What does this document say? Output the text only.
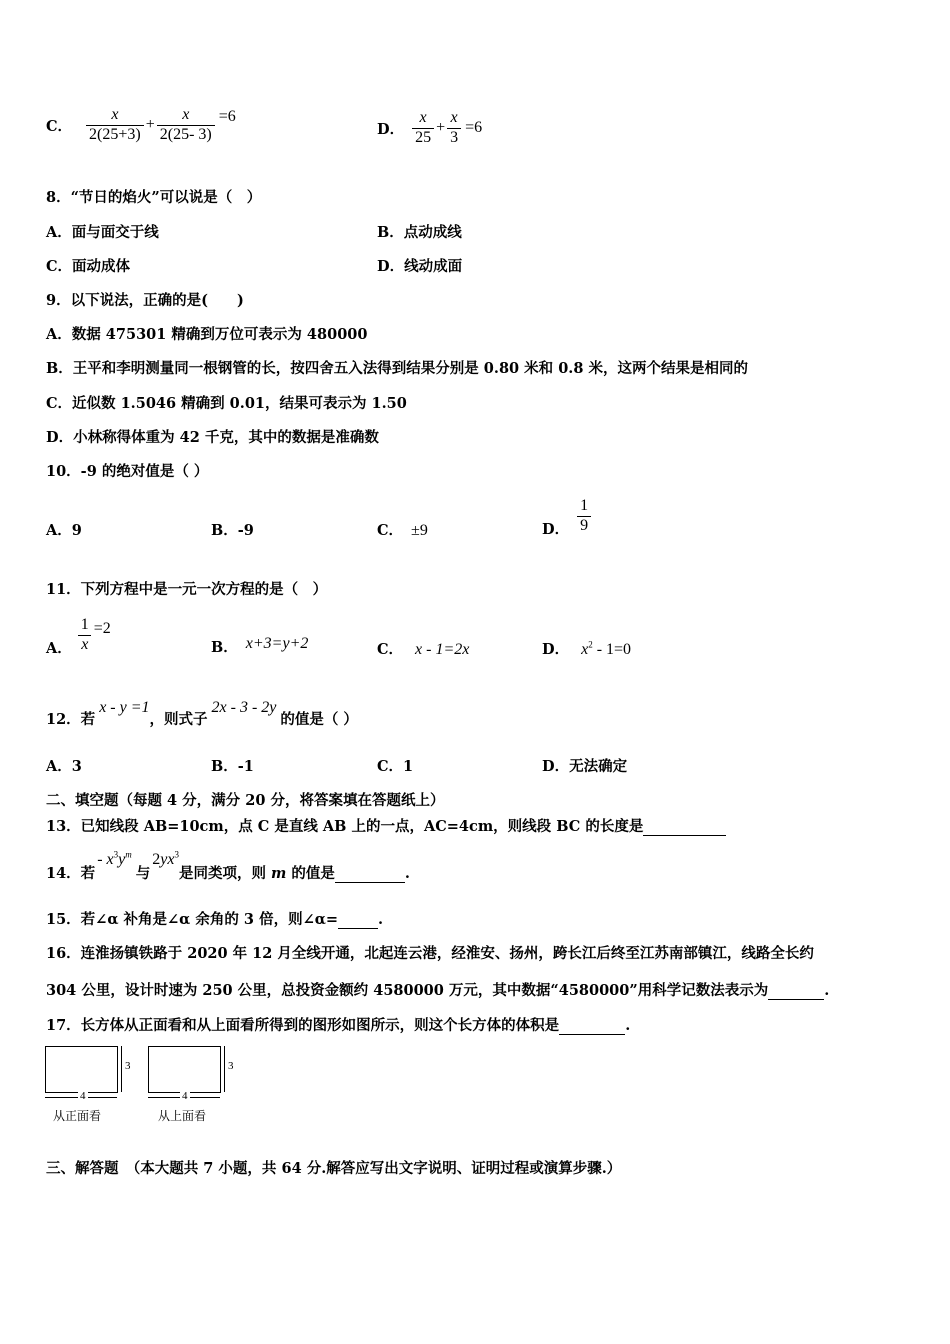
C． $\frac{x}{2(25+3)} + \frac{x}{2(25- 3)} =6$
D． $\frac{x}{25} + \frac{x}{3} =6$
8．“节日的焰火”可以说是（　）
A．面与面交于线	B．点动成线
C．面动成体	D．线动成面
9．以下说法，正确的是(　　)
A．数据 475301 精确到万位可表示为 480000
B．王平和李明测量同一根钢管的长，按四舍五入法得到结果分别是 0.80 米和 0.8 米，这两个结果是相同的
C．近似数 1.5046 精确到 0.01，结果可表示为 1.50
D．小林称得体重为 42 千克，其中的数据是准确数
10．-9 的绝对值是（ ）
A．9	B．-9	C． ±9	D． $\frac{1}{9}$
11．下列方程中是一元一次方程的是（　）
A． $\frac{1}{x} =2$
B． x+3=y+2	C． x - 1=2x	D． $x^2 - 1=0$
12．若x - y =1，则式子2x - 3 - 2y的值是（ ）
A．3	B．-1	C．1	D．无法确定
二、填空题（每题 4 分，满分 20 分，将答案填在答题纸上）
13．已知线段 AB=10cm，点 C 是直线 AB 上的一点，AC=4cm，则线段 BC 的长度是
14．若- $x^3y^m$与$2yx^3$是同类项，则 m 的值是	.
15．若∠α 补角是∠α 余角的 3 倍，则∠α=	.
16．连淮扬镇铁路于 2020 年 12 月全线开通，北起连云港，经淮安、扬州，跨长江后终至江苏南部镇江，线路全长约
304 公里，设计时速为 250 公里，总投资金额约 4580000 万元，其中数据“4580000”用科学记数法表示为	.
17．长方体从正面看和从上面看所得到的图形如图所示，则这个长方体的体积是	.
3
4
从正面看
3
4
从上面看
三、解答题　（本大题共 7 小题，共 64 分.解答应写出文字说明、证明过程或演算步骤.）
